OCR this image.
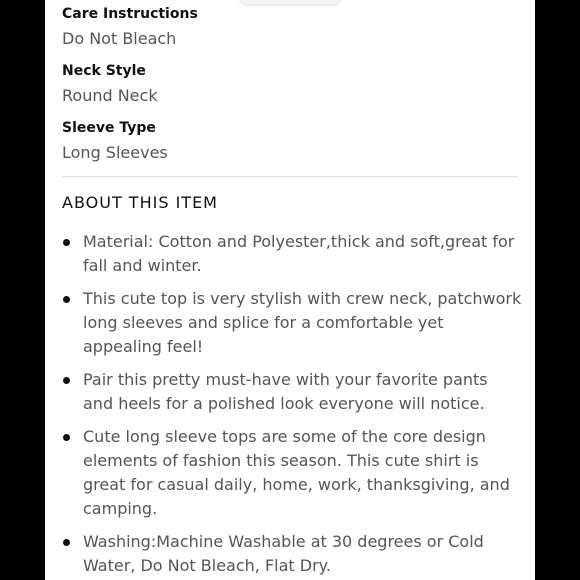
Care Instructions
Do Not Bleach
Neck Style
Round Neck
Sleeve Type
Long Sleeves
ABOUT THIS ITEM
Material: Cotton and Polyester,thick and soft,great for fall and winter.
This cute top is very stylish with crew neck, patchwork long sleeves and splice for a comfortable yet appealing feel!
Pair this pretty must-have with your favorite pants and heels for a polished look everyone will notice.
Cute long sleeve tops are some of the core design elements of fashion this season. This cute shirt is great for casual daily, home, work, thanksgiving, and camping.
Washing:Machine Washable at 30 degrees or Cold Water, Do Not Bleach, Flat Dry.
